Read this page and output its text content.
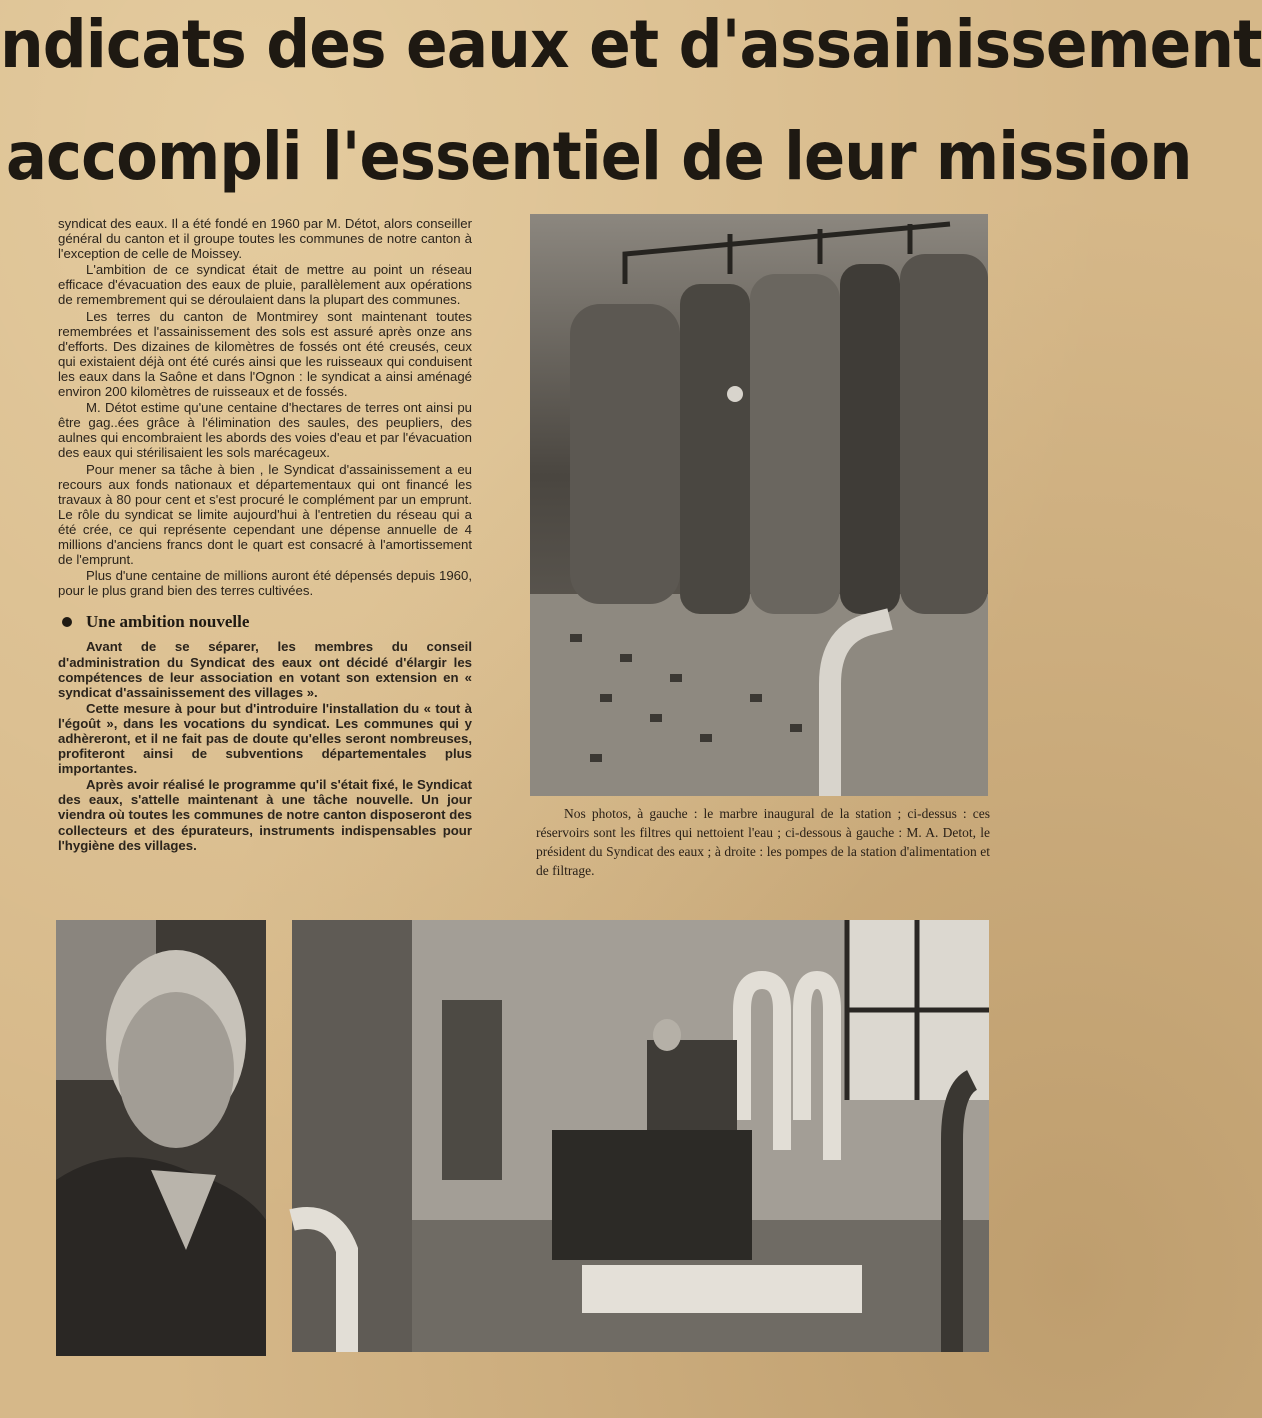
ndicats des eaux et d'assainissement
accompli l'essentiel de leur mission

syndicat des eaux. Il a été fondé en 1960 par M. Détot, alors conseiller général du canton et il groupe toutes les communes de notre canton à l'exception de celle de Moissey.

L'ambition de ce syndicat était de mettre au point un réseau efficace d'évacuation des eaux de pluie, parallèlement aux opérations de remembrement qui se déroulaient dans la plupart des communes.

Les terres du canton de Montmirey sont maintenant toutes remembrées et l'assainissement des sols est assuré après onze ans d'efforts. Des dizaines de kilomètres de fossés ont été creusés, ceux qui existaient déjà ont été curés ainsi que les ruisseaux qui conduisent les eaux dans la Saône et dans l'Ognon : le syndicat a ainsi aménagé environ 200 kilomètres de ruisseaux et de fossés.

M. Détot estime qu'une centaine d'hectares de terres ont ainsi pu être gag..ées grâce à l'élimination des saules, des peupliers, des aulnes qui encombraient les abords des voies d'eau et par l'évacuation des eaux qui stérilisaient les sols marécageux.

Pour mener sa tâche à bien , le Syndicat d'assainissement a eu recours aux fonds nationaux et départementaux qui ont financé les travaux à 80 pour cent et s'est procuré le complément par un emprunt. Le rôle du syndicat se limite aujourd'hui à l'entretien du réseau qui a été crée, ce qui représente cependant une dépense annuelle de 4 millions d'anciens francs dont le quart est consacré à l'amortissement de l'emprunt.

Plus d'une centaine de millions auront été dépensés depuis 1960, pour le plus grand bien des terres cultivées.

Une ambition nouvelle

Avant de se séparer, les membres du conseil d'administration du Syndicat des eaux ont décidé d'élargir les compétences de leur association en votant son extension en « syndicat d'assainissement des villages ».

Cette mesure à pour but d'introduire l'installation du « tout à l'égoût », dans les vocations du syndicat. Les communes qui y adhèreront, et il ne fait pas de doute qu'elles seront nombreuses, profiteront ainsi de subventions départementales plus importantes.

Après avoir réalisé le programme qu'il s'était fixé, le Syndicat des eaux, s'attelle maintenant à une tâche nouvelle. Un jour viendra où toutes les communes de notre canton disposeront des collecteurs et des épurateurs, instruments indispensables pour l'hygiène des villages.

Nos photos, à gauche : le marbre inaugural de la station ; ci-dessus : ces réservoirs sont les filtres qui nettoient l'eau ; ci-dessous à gauche : M. A. Detot, le président du Syndicat des eaux ; à droite : les pompes de la station d'alimentation et de filtrage.
